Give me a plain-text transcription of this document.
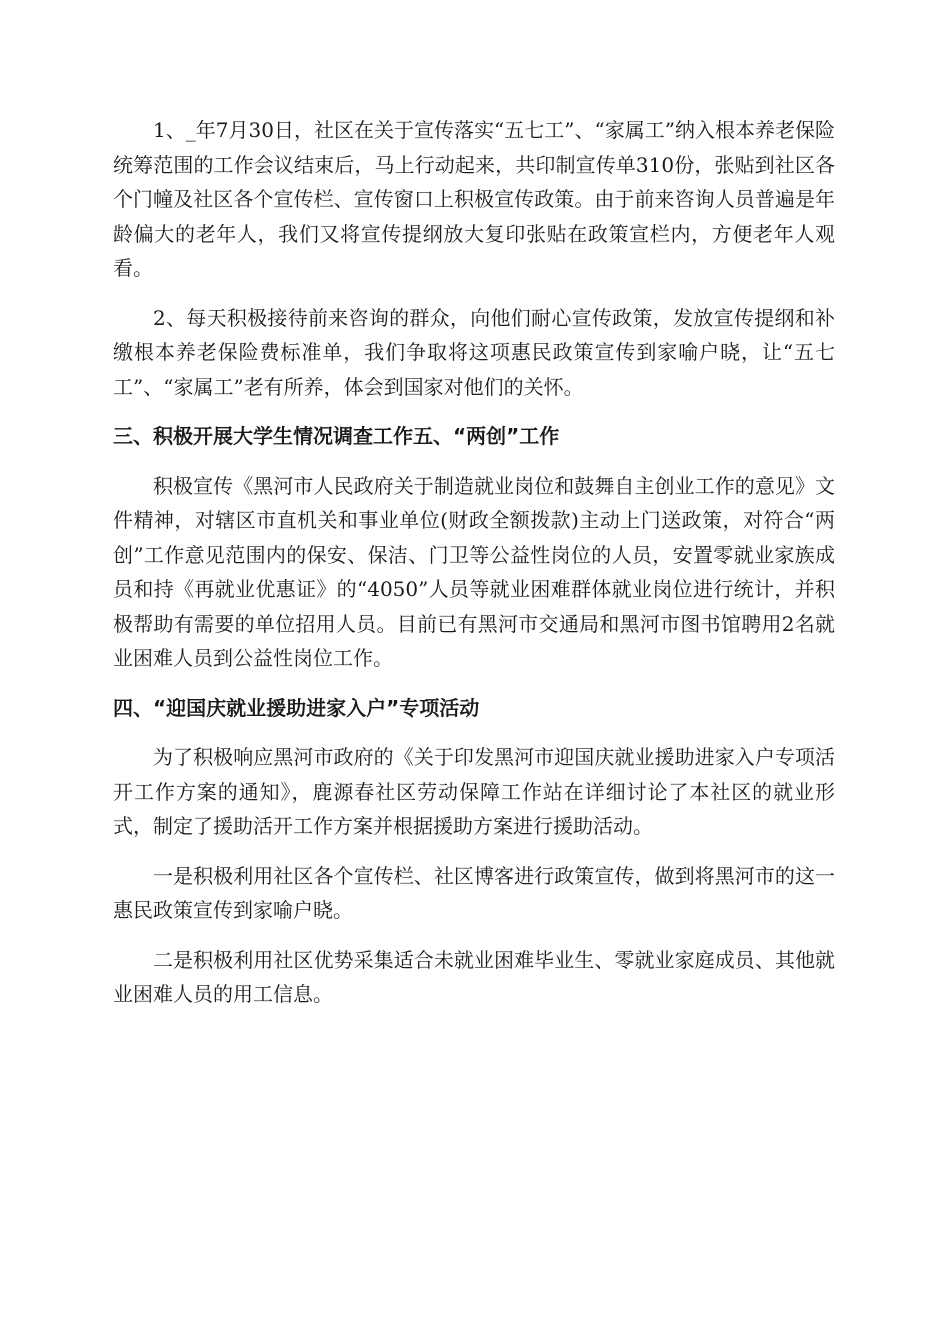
1、_年7月30日，社区在关于宣传落实“五七工”、“家属工”纳入根本养老保险统筹范围的工作会议结束后，马上行动起来，共印制宣传单310份，张贴到社区各个门幢及社区各个宣传栏、宣传窗口上积极宣传政策。由于前来咨询人员普遍是年龄偏大的老年人，我们又将宣传提纲放大复印张贴在政策宣栏内，方便老年人观看。

2、每天积极接待前来咨询的群众，向他们耐心宣传政策，发放宣传提纲和补缴根本养老保险费标准单，我们争取将这项惠民政策宣传到家喻户晓，让“五七工”、“家属工”老有所养，体会到国家对他们的关怀。

三、积极开展大学生情况调查工作五、“两创”工作

积极宣传《黑河市人民政府关于制造就业岗位和鼓舞自主创业工作的意见》文件精神，对辖区市直机关和事业单位(财政全额拨款)主动上门送政策，对符合“两创”工作意见范围内的保安、保洁、门卫等公益性岗位的人员，安置零就业家族成员和持《再就业优惠证》的“4050”人员等就业困难群体就业岗位进行统计，并积极帮助有需要的单位招用人员。目前已有黑河市交通局和黑河市图书馆聘用2名就业困难人员到公益性岗位工作。

四、“迎国庆就业援助进家入户”专项活动

为了积极响应黑河市政府的《关于印发黑河市迎国庆就业援助进家入户专项活开工作方案的通知》，鹿源春社区劳动保障工作站在详细讨论了本社区的就业形式，制定了援助活开工作方案并根据援助方案进行援助活动。

一是积极利用社区各个宣传栏、社区博客进行政策宣传，做到将黑河市的这一惠民政策宣传到家喻户晓。

二是积极利用社区优势采集适合未就业困难毕业生、零就业家庭成员、其他就业困难人员的用工信息。
